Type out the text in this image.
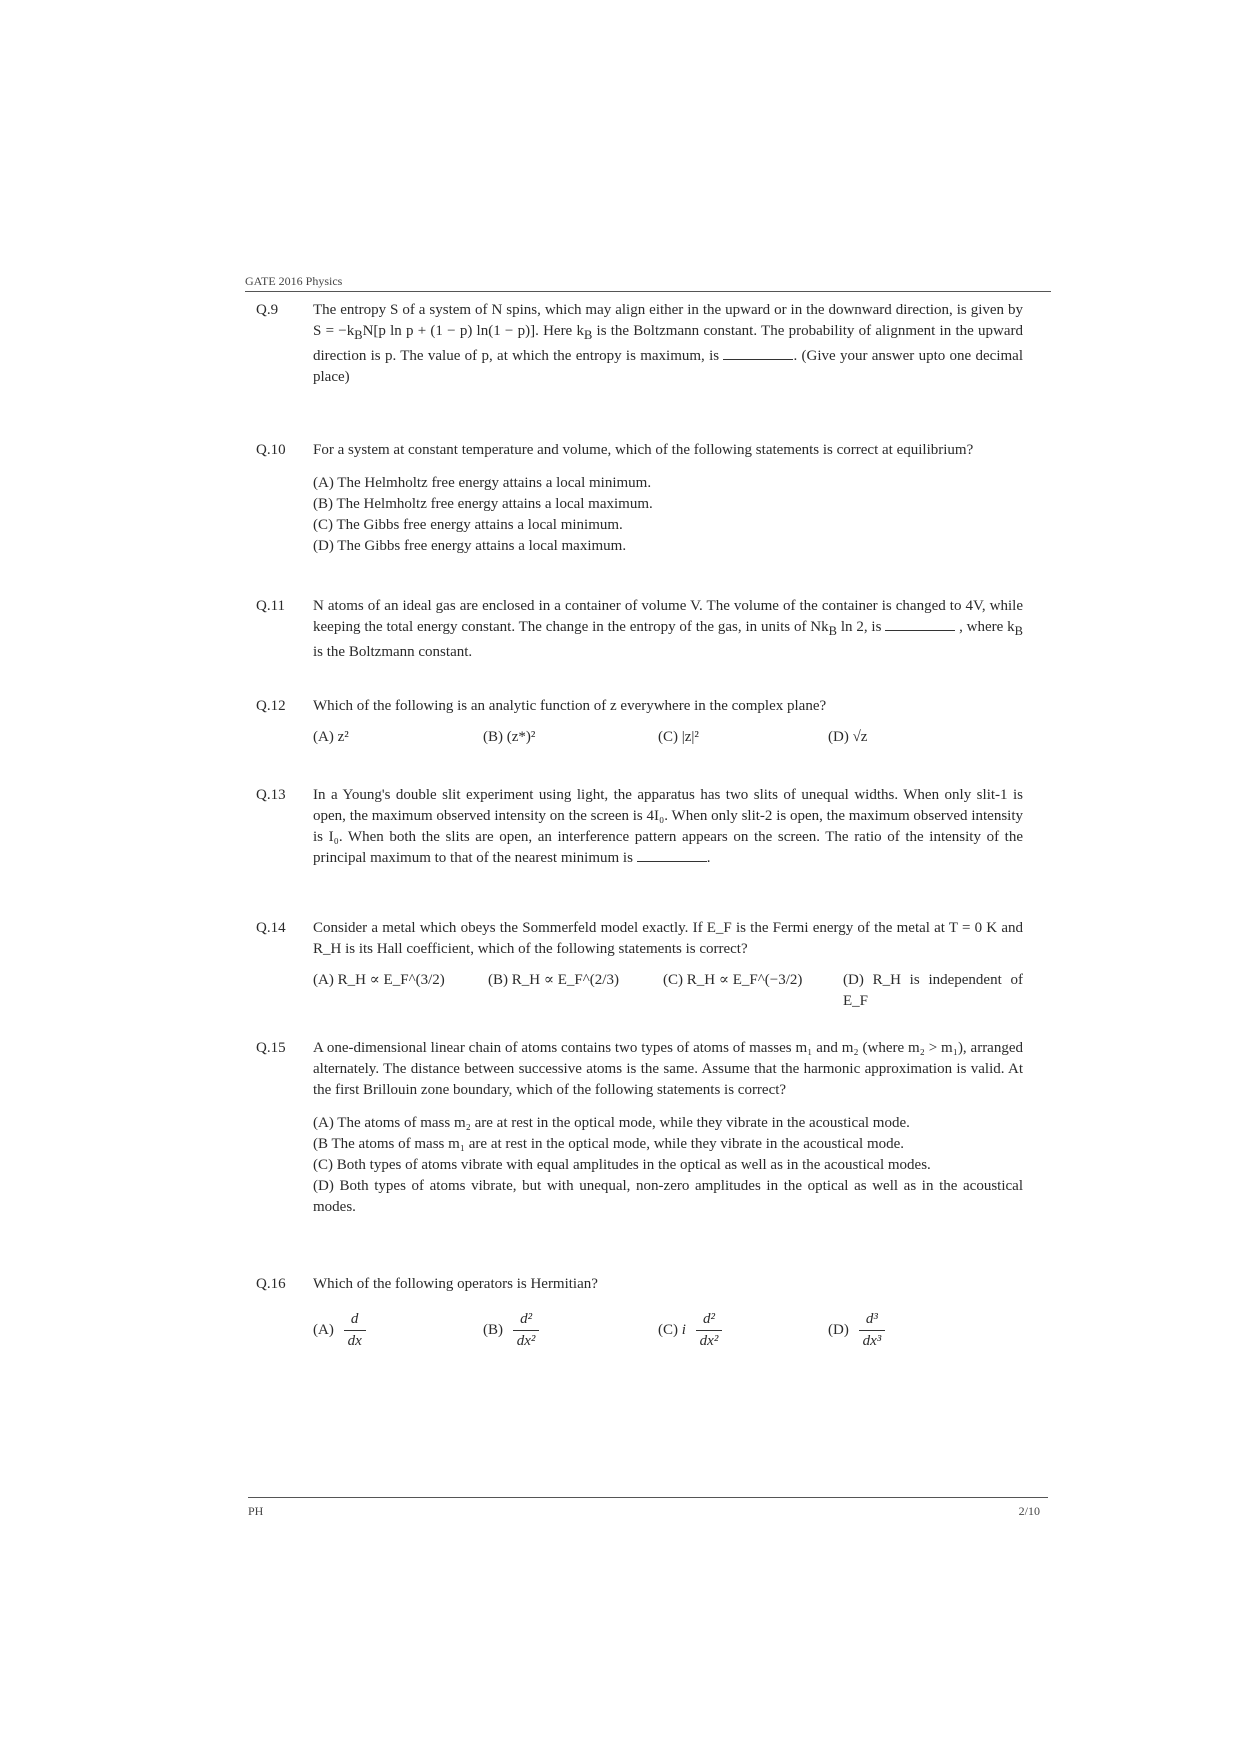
GATE 2016 Physics
Q.9 The entropy S of a system of N spins, which may align either in the upward or in the downward direction, is given by $S = -k_BN[p$ ln p + (1 − p) ln(1 − p)]. Here $k_B$ is the Boltzmann constant. The probability of alignment in the upward direction is p. The value of p, at which the entropy is maximum, is	. (Give your answer upto one decimal place)
Q.10 For a system at constant temperature and volume, which of the following statements is correct at equilibrium?

(A) The Helmholtz free energy attains a local minimum.
(B) The Helmholtz free energy attains a local maximum.
(C) The Gibbs free energy attains a local minimum.
(D) The Gibbs free energy attains a local maximum.
Q.11 N atoms of an ideal gas are enclosed in a container of volume V. The volume of the container is changed to 4V, while keeping the total energy constant. The change in the entropy of the gas, in units of $Nk_B$ ln 2, is	, where $k_B$ is the Boltzmann constant.
Q.12 Which of the following is an analytic function of z everywhere in the complex plane?

(A) z²	(B) (z*)²	(C) |z|²	(D) √z
Q.13 In a Young's double slit experiment using light, the apparatus has two slits of unequal widths. When only slit-1 is open, the maximum observed intensity on the screen is 4I₀. When only slit-2 is open, the maximum observed intensity is I₀. When both the slits are open, an interference pattern appears on the screen. The ratio of the intensity of the principal maximum to that of the nearest minimum is	.
Q.14 Consider a metal which obeys the Sommerfeld model exactly. If E_F is the Fermi energy of the metal at T = 0 K and R_H is its Hall coefficient, which of the following statements is correct?

(A) R_H ∝ E_F^(3/2)	(B) R_H ∝ E_F^(2/3)	(C) R_H ∝ E_F^(−3/2)	(D) R_H is independent of E_F
Q.15 A one-dimensional linear chain of atoms contains two types of atoms of masses m₁ and m₂ (where m₂ > m₁), arranged alternately. The distance between successive atoms is the same. Assume that the harmonic approximation is valid. At the first Brillouin zone boundary, which of the following statements is correct?

(A) The atoms of mass m₂ are at rest in the optical mode, while they vibrate in the acoustical mode.
(B The atoms of mass m₁ are at rest in the optical mode, while they vibrate in the acoustical mode.
(C) Both types of atoms vibrate with equal amplitudes in the optical as well as in the acoustical modes.
(D) Both types of atoms vibrate, but with unequal, non-zero amplitudes in the optical as well as in the acoustical modes.
Q.16 Which of the following operators is Hermitian?

$(A) \frac{d}{dx}$	$(B) \frac{\text{d²}}{\text{dx²}}$	(C) i $\frac{\text{d²}}{\text{dx²}}$	$(D) \frac{\text{d³}}{\text{dx³}}$
PH	2/10
